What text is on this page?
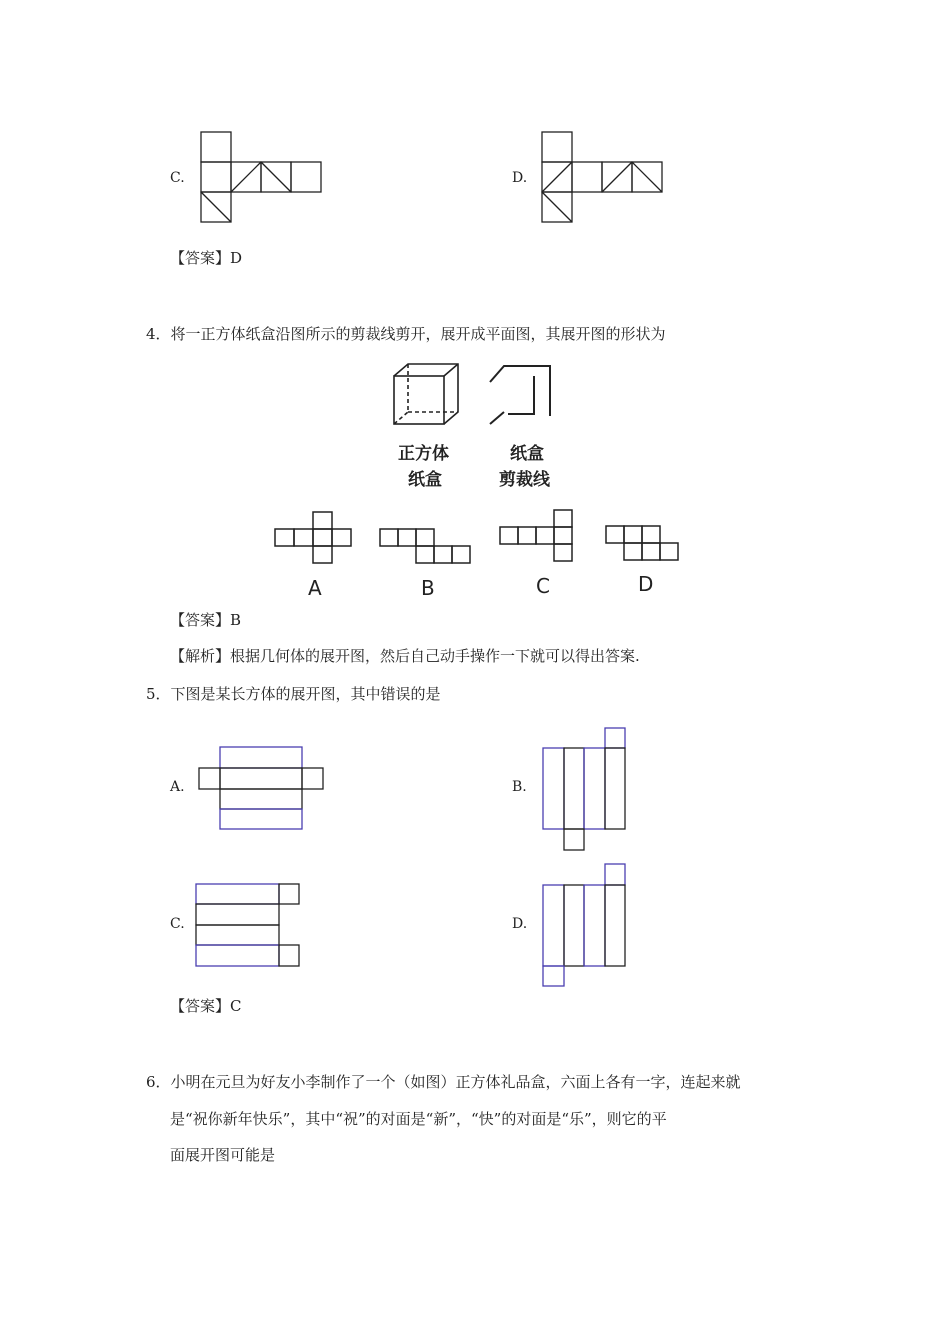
C.	D.
【答案】D
4．将一正方体纸盒沿图所示的剪裁线剪开，展开成平面图，其展开图的形状为
正方体
纸盒
纸盒
剪裁线
A	B	C	D
【答案】B
【解析】根据几何体的展开图，然后自己动手操作一下就可以得出答案.
5．下图是某长方体的展开图，其中错误的是
A.	B.
C.	D.
【答案】C
6．小明在元旦为好友小李制作了一个（如图）正方体礼品盒，六面上各有一字，连起来就
是“祝你新年快乐”，其中“祝”的对面是“新”，“快”的对面是“乐”，则它的平
面展开图可能是
